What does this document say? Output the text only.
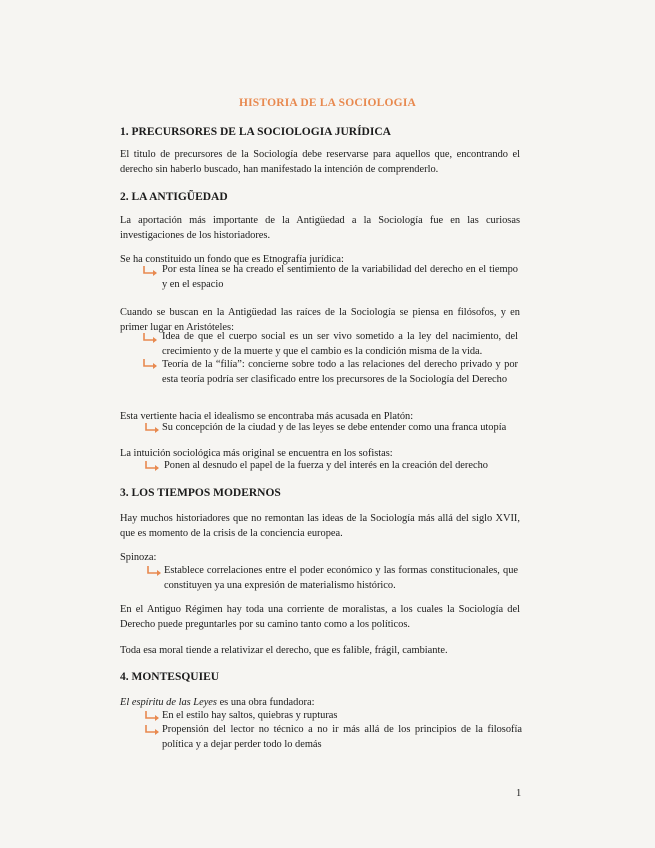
HISTORIA DE LA SOCIOLOGIA
1. PRECURSORES DE LA SOCIOLOGIA JURÍDICA
El titulo de precursores de la Sociología debe reservarse para aquellos que, encontrando el derecho sin haberlo buscado, han manifestado la intención de comprenderlo.
2. LA ANTIGŨEDAD
La aportación más importante de la Antigüedad a la Sociología fue en las curiosas investigaciones de los historiadores.
Se ha constituido un fondo que es Etnografía jurídica:
Por esta línea se ha creado el sentimiento de la variabilidad del derecho en el tiempo y en el espacio
Cuando se buscan en la Antigüedad las raíces de la Sociología se piensa en filósofos, y en primer lugar en Aristóteles:
Idea de que el cuerpo social es un ser vivo sometido a la ley del nacimiento, del crecimiento y de la muerte y que el cambio es la condición misma de la vida.
Teoría de la “filía”: concierne sobre todo a las relaciones del derecho privado y por esta teoría podría ser clasificado entre los precursores de la Sociología del Derecho
Esta vertiente hacia el idealismo se encontraba más acusada en Platón:
Su concepción de la ciudad y de las leyes se debe entender como una franca utopía
La intuición sociológica más original se encuentra en los sofistas:
Ponen al desnudo el papel de la fuerza y del interés en la creación del derecho
3. LOS TIEMPOS MODERNOS
Hay muchos historiadores que no remontan las ideas de la Sociología más allá del siglo XVII, que es momento de la crisis de la conciencia europea.
Spinoza:
Establece correlaciones entre el poder económico y las formas constitucionales, que constituyen ya una expresión de materialismo histórico.
En el Antiguo Régimen hay toda una corriente de moralistas, a los cuales la Sociología del Derecho puede preguntarles por su camino tanto como a los políticos.
Toda esa moral tiende a relativizar el derecho, que es falible, frágil, cambiante.
4. MONTESQUIEU
El espíritu de las Leyes es una obra fundadora:
En el estilo hay saltos, quiebras y rupturas
Propensión del lector no técnico a no ir más allá de los principios de la filosofía política y a dejar perder todo lo demás
1
